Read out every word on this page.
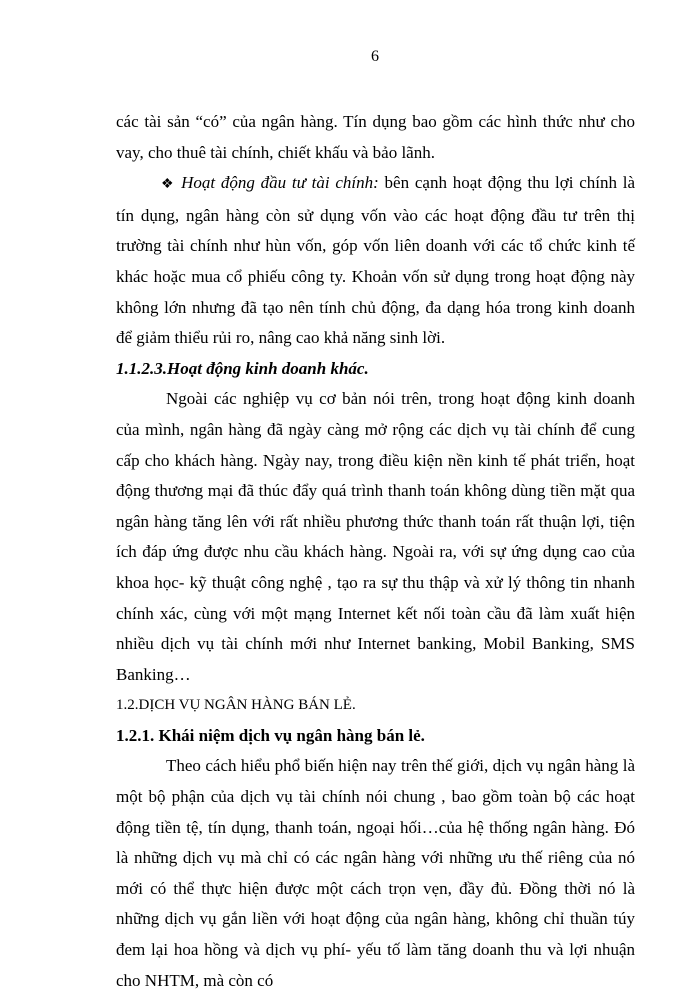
6

các tài sản “có” của ngân hàng. Tín dụng bao gồm các hình thức như cho vay, cho thuê tài chính, chiết khấu và bảo lãnh.

❖ Hoạt động đầu tư tài chính: bên cạnh hoạt động thu lợi chính là tín dụng, ngân hàng còn sử dụng vốn vào các hoạt động đầu tư trên thị trường tài chính như hùn vốn, góp vốn liên doanh với các tổ chức kinh tế khác hoặc mua cổ phiếu công ty. Khoản vốn sử dụng trong hoạt động này không lớn nhưng đã tạo nên tính chủ động, đa dạng hóa trong kinh doanh để giảm thiểu rủi ro, nâng cao khả năng sinh lời.

1.1.2.3.Hoạt động kinh doanh khác.

Ngoài các nghiệp vụ cơ bản nói trên, trong hoạt động kinh doanh của mình, ngân hàng đã ngày càng mở rộng các dịch vụ tài chính để cung cấp cho khách hàng. Ngày nay, trong điều kiện nền kinh tế phát triển, hoạt động thương mại đã thúc đẩy quá trình thanh toán không dùng tiền mặt qua ngân hàng tăng lên với rất nhiều phương thức thanh toán rất thuận lợi, tiện ích đáp ứng được nhu cầu khách hàng. Ngoài ra, với sự ứng dụng cao của khoa học- kỹ thuật công nghệ , tạo ra sự thu thập và xử lý thông tin nhanh chính xác, cùng với một mạng Internet kết nối toàn cầu đã làm xuất hiện nhiều dịch vụ tài chính mới như Internet banking, Mobil Banking, SMS Banking…

1.2.DỊCH VỤ NGÂN HÀNG BÁN LẺ.

1.2.1. Khái niệm dịch vụ ngân hàng bán lẻ.

Theo cách hiểu phổ biến hiện nay trên thế giới, dịch vụ ngân hàng là một bộ phận của dịch vụ tài chính nói chung , bao gồm toàn bộ các hoạt động tiền tệ, tín dụng, thanh toán, ngoại hối…của hệ thống ngân hàng. Đó là những dịch vụ mà chỉ có các ngân hàng với những ưu thế riêng của nó mới có thể thực hiện được một cách trọn vẹn, đầy đủ. Đồng thời nó là những dịch vụ gắn liền với hoạt động của ngân hàng, không chỉ thuần túy đem lại hoa hồng và dịch vụ phí- yếu tố làm tăng doanh thu và lợi nhuận cho NHTM, mà còn có
